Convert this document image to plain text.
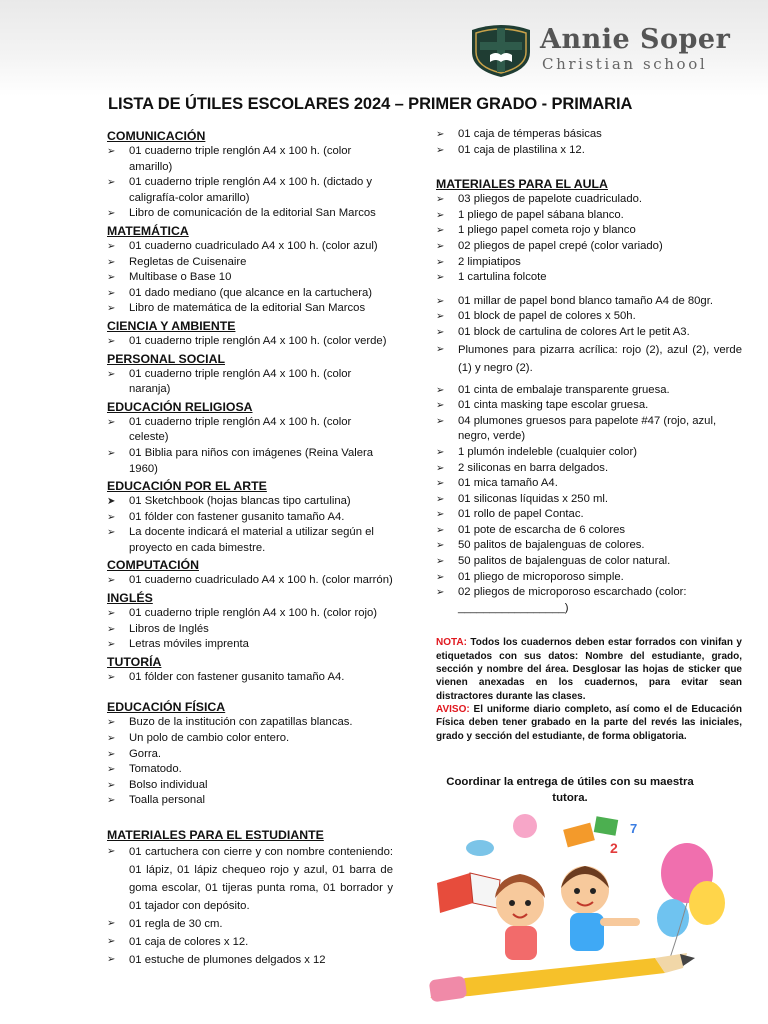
Annie Soper
Christian school
LISTA DE ÚTILES ESCOLARES 2024 – PRIMER GRADO - PRIMARIA
COMUNICACIÓN
➢ 01 cuaderno triple renglón A4 x 100 h. (color amarillo)
➢ 01 cuaderno triple renglón A4 x 100 h. (dictado y caligrafía-color amarillo)
➢ Libro de comunicación de la editorial San Marcos
MATEMÁTICA
➢ 01 cuaderno cuadriculado A4 x 100 h. (color azul)
➢ Regletas de Cuisenaire
➢ Multibase o Base 10
➢ 01 dado mediano (que alcance en la cartuchera)
➢ Libro de matemática de la editorial San Marcos
CIENCIA Y AMBIENTE
➢ 01 cuaderno triple renglón A4 x 100 h. (color verde)
PERSONAL SOCIAL
➢ 01 cuaderno triple renglón A4 x 100 h. (color naranja)
EDUCACIÓN RELIGIOSA
➢ 01 cuaderno triple renglón A4 x 100 h. (color celeste)
➢ 01 Biblia para niños con imágenes (Reina Valera 1960)
EDUCACIÓN POR EL ARTE
➤ 01 Sketchbook (hojas blancas tipo cartulina)
➢ 01 fólder con fastener gusanito tamaño A4.
➢ La docente indicará el material a utilizar según el proyecto en cada bimestre.
COMPUTACIÓN
➢ 01 cuaderno cuadriculado A4 x 100 h. (color marrón)
INGLÉS
➢ 01 cuaderno triple renglón A4 x 100 h. (color rojo)
➢ Libros de Inglés
➢ Letras móviles imprenta
TUTORÍA
➢ 01 fólder con fastener gusanito tamaño A4.
EDUCACIÓN FÍSICA
➢ Buzo de la institución con zapatillas blancas.
➢ Un polo de cambio color entero.
➢ Gorra.
➢ Tomatodo.
➢ Bolso individual
➢ Toalla personal
MATERIALES PARA EL ESTUDIANTE
➢ 01 cartuchera con cierre y con nombre conteniendo: 01 lápiz, 01 lápiz chequeo rojo y azul, 01 barra de goma escolar, 01 tijeras punta roma, 01 borrador y 01 tajador con depósito.
➢ 01 regla de 30 cm.
➢ 01 caja de colores x 12.
➢ 01 estuche de plumones delgados x 12
➢ 01 caja de témperas básicas
➢ 01 caja de plastilina x 12.
MATERIALES PARA EL AULA
➢ 03 pliegos de papelote cuadriculado.
➢ 1 pliego de papel sábana blanco.
➢ 1 pliego papel cometa rojo y blanco
➢ 02 pliegos de papel crepé (color variado)
➢ 2 limpiatipos
➢ 1 cartulina folcote
➢ 01 millar de papel bond blanco tamaño A4 de 80gr.
➢ 01 block de papel de colores x 50h.
➢ 01 block de cartulina de colores Art le petit A3.
➢ Plumones para pizarra acrílica: rojo (2), azul (2), verde (1) y negro (2).
➢ 01 cinta de embalaje transparente gruesa.
➢ 01 cinta masking tape escolar gruesa.
➢ 04 plumones gruesos para papelote #47 (rojo, azul, negro, verde)
➢ 1 plumón indeleble (cualquier color)
➢ 2 siliconas en barra delgados.
➢ 01 mica tamaño A4.
➢ 01 siliconas líquidas x 250 ml.
➢ 01 rollo de papel Contac.
➢ 01 pote de escarcha de 6 colores
➢ 50 palitos de bajalenguas de colores.
➢ 50 palitos de bajalenguas de color natural.
➢ 01 pliego de microporoso simple.
➢ 02 pliegos de microporoso escarchado (color: _________________)
NOTA: Todos los cuadernos deben estar forrados con vinifan y etiquetados con sus datos: Nombre del estudiante, grado, sección y nombre del área. Desglosar las hojas de sticker que vienen anexadas en los cuadernos, para evitar sean distractores durante las clases.
AVISO: El uniforme diario completo, así como el de Educación Física deben tener grabado en la parte del revés las iniciales, grado y sección del estudiante, de forma obligatoria.
Coordinar la entrega de útiles con su maestra tutora.
2
7
